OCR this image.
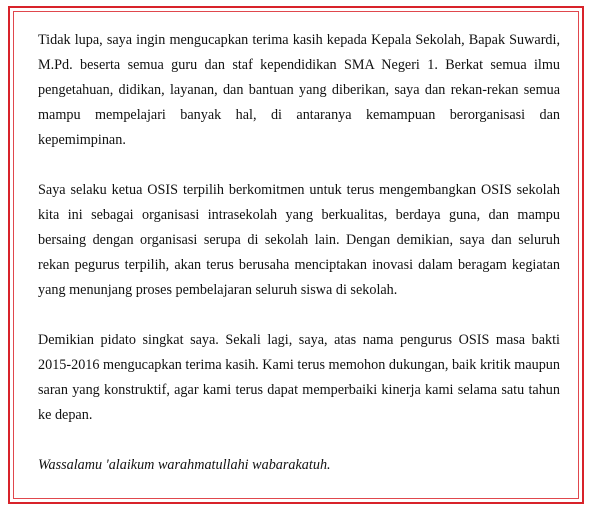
Tidak lupa, saya ingin mengucapkan terima kasih kepada Kepala Sekolah, Bapak Suwardi, M.Pd. beserta semua guru dan staf kependidikan SMA Negeri 1. Berkat semua ilmu pengetahuan, didikan, layanan, dan bantuan yang diberikan, saya dan rekan-rekan semua mampu mempelajari banyak hal, di antaranya kemampuan berorganisasi dan kepemimpinan.

Saya selaku ketua OSIS terpilih berkomitmen untuk terus mengembangkan OSIS sekolah kita ini sebagai organisasi intrasekolah yang berkualitas, berdaya guna, dan mampu bersaing dengan organisasi serupa di sekolah lain. Dengan demikian, saya dan seluruh rekan pegurus terpilih, akan terus berusaha menciptakan inovasi dalam beragam kegiatan yang menunjang proses pembelajaran seluruh siswa di sekolah.

Demikian pidato singkat saya. Sekali lagi, saya, atas nama pengurus OSIS masa bakti 2015-2016 mengucapkan terima kasih. Kami terus memohon dukungan, baik kritik maupun saran yang konstruktif, agar kami terus dapat memperbaiki kinerja kami selama satu tahun ke depan.

Wassalamu 'alaikum warahmatullahi wabarakatuh.
